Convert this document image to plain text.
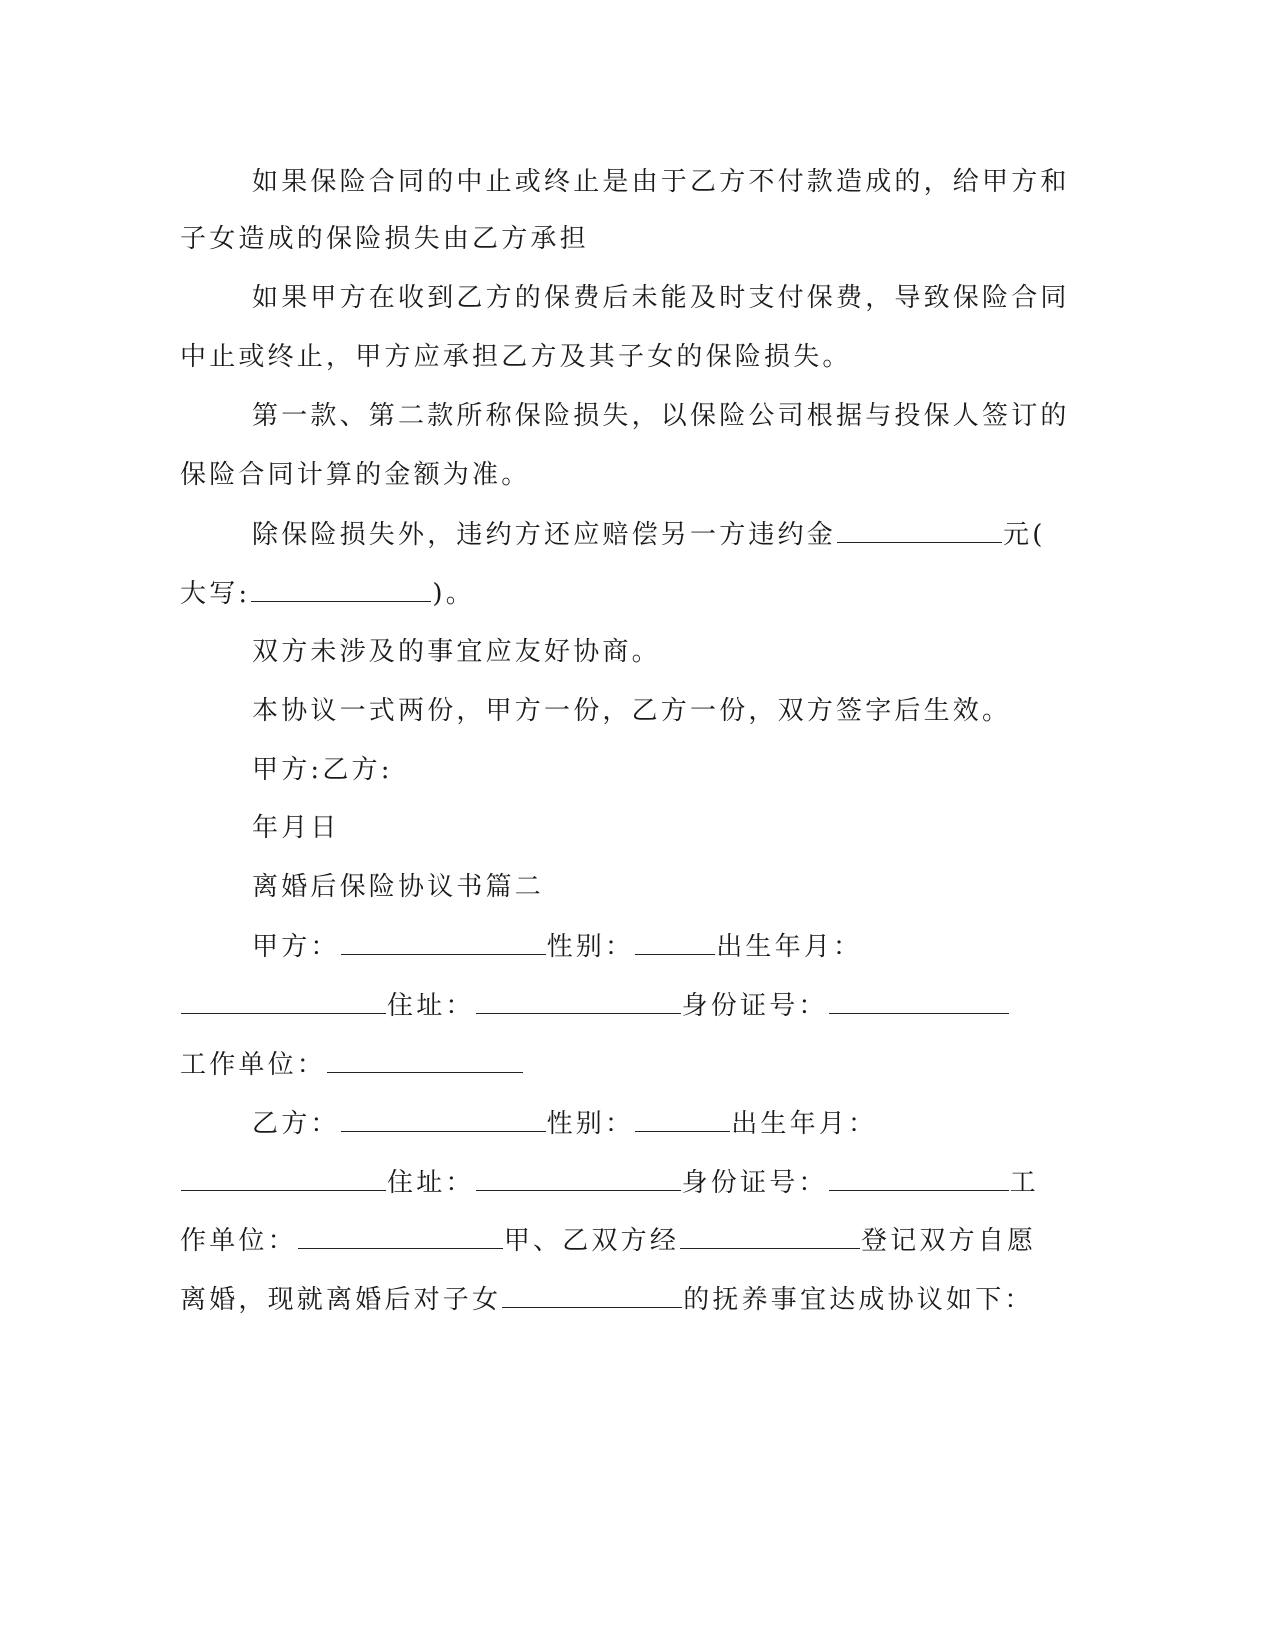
如果保险合同的中止或终止是由于乙方不付款造成的，给甲方和
子女造成的保险损失由乙方承担
如果甲方在收到乙方的保费后未能及时支付保费，导致保险合同
中止或终止，甲方应承担乙方及其子女的保险损失。
第一款、第二款所称保险损失，以保险公司根据与投保人签订的
保险合同计算的金额为准。
除保险损失外，违约方还应赔偿另一方违约金	元(
大写:	)。
双方未涉及的事宜应友好协商。
本协议一式两份，甲方一份，乙方一份，双方签字后生效。
甲方:乙方:
年月日
离婚后保险协议书篇二
甲方：	性别：	出生年月：
住址：	身份证号：
工作单位：
乙方：	性别：	出生年月：
住址：	身份证号：	工
作单位：	甲、乙双方经	登记双方自愿
离婚，现就离婚后对子女	的抚养事宜达成协议如下：
